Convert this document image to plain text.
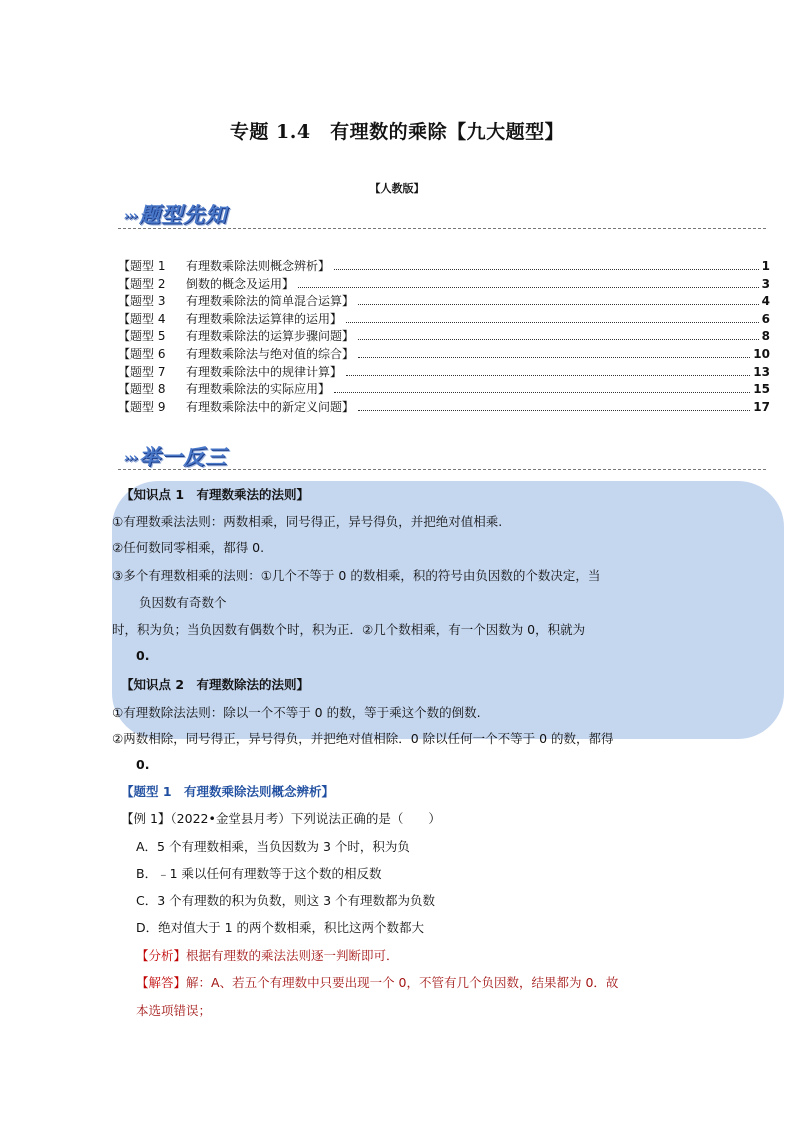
专题 1.4　有理数的乘除【九大题型】
【人教版】
›››题型先知
【题型 1	有理数乘除法则概念辨析】	1
【题型 2	倒数的概念及运用】	3
【题型 3	有理数乘除法的简单混合运算】	4
【题型 4	有理数乘除法运算律的运用】	6
【题型 5	有理数乘除法的运算步骤问题】	8
【题型 6	有理数乘除法与绝对值的综合】	10
【题型 7	有理数乘除法中的规律计算】	13
【题型 8	有理数乘除法的实际应用】	15
【题型 9	有理数乘除法中的新定义问题】	17
›››举一反三
【知识点 1　有理数乘法的法则】
①有理数乘法法则：两数相乘，同号得正，异号得负，并把绝对值相乘.
②任何数同零相乘，都得 0.
③多个有理数相乘的法则：①几个不等于 0 的数相乘，积的符号由负因数的个数决定，当
负因数有奇数个
时，积为负；当负因数有偶数个时，积为正．②几个数相乘，有一个因数为 0，积就为
0.
【知识点 2　有理数除法的法则】
①有理数除法法则：除以一个不等于 0 的数，等于乘这个数的倒数.
②两数相除，同号得正，异号得负，并把绝对值相除．0 除以任何一个不等于 0 的数，都得
0.
【题型 1　有理数乘除法则概念辨析】
【例 1】（2022•金堂县月考）下列说法正确的是（　　）
A．5 个有理数相乘，当负因数为 3 个时，积为负
B．﹣1 乘以任何有理数等于这个数的相反数
C．3 个有理数的积为负数，则这 3 个有理数都为负数
D．绝对值大于 1 的两个数相乘，积比这两个数都大
【分析】根据有理数的乘法法则逐一判断即可．
【解答】解：A、若五个有理数中只要出现一个 0，不管有几个负因数，结果都为 0．故
本选项错误；
